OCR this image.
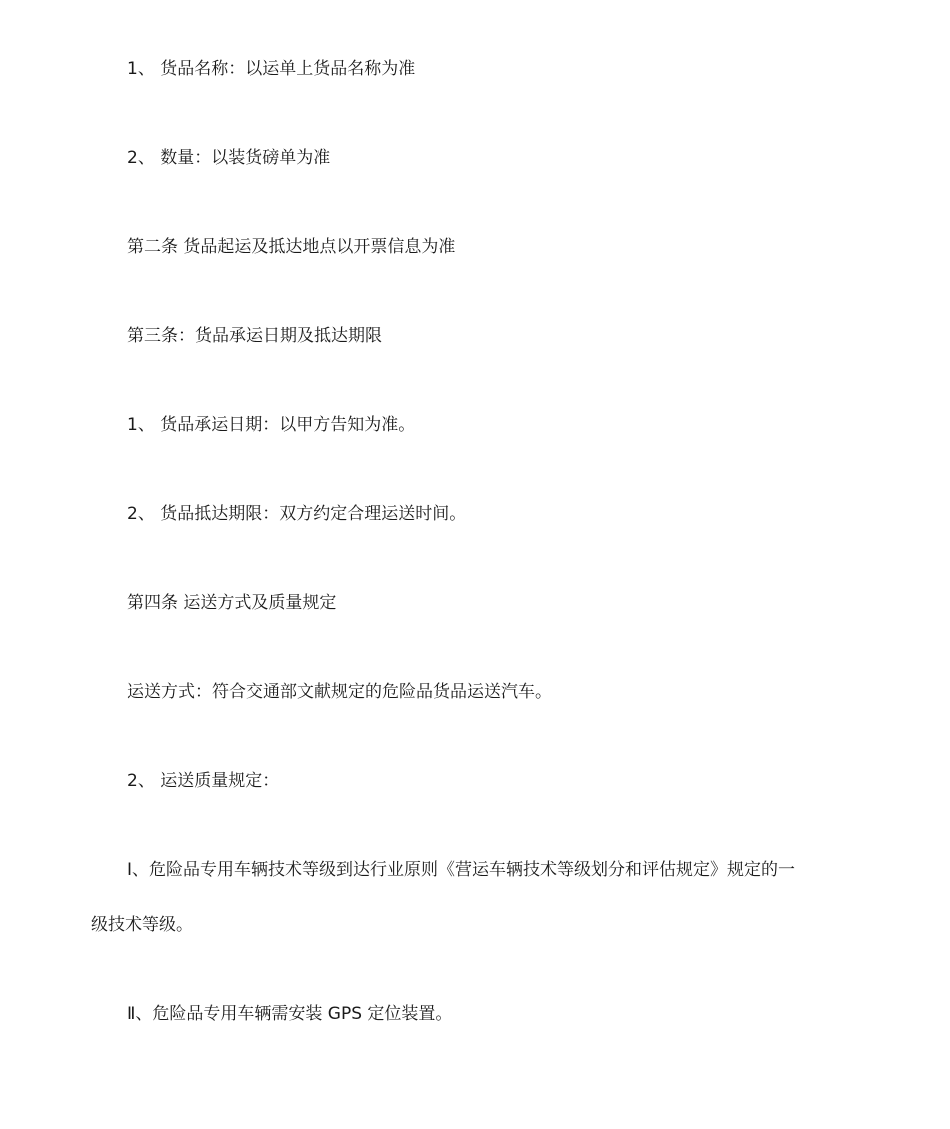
1、 货品名称：以运单上货品名称为准

2、 数量：以装货磅单为准

第二条 货品起运及抵达地点以开票信息为准

第三条：货品承运日期及抵达期限

1、 货品承运日期：以甲方告知为准。

2、 货品抵达期限：双方约定合理运送时间。

第四条 运送方式及质量规定

运送方式：符合交通部文献规定的危险品货品运送汽车。

2、 运送质量规定：

Ⅰ、危险品专用车辆技术等级到达行业原则《营运车辆技术等级划分和评估规定》规定的一

级技术等级。

Ⅱ、危险品专用车辆需安装 GPS 定位装置。
